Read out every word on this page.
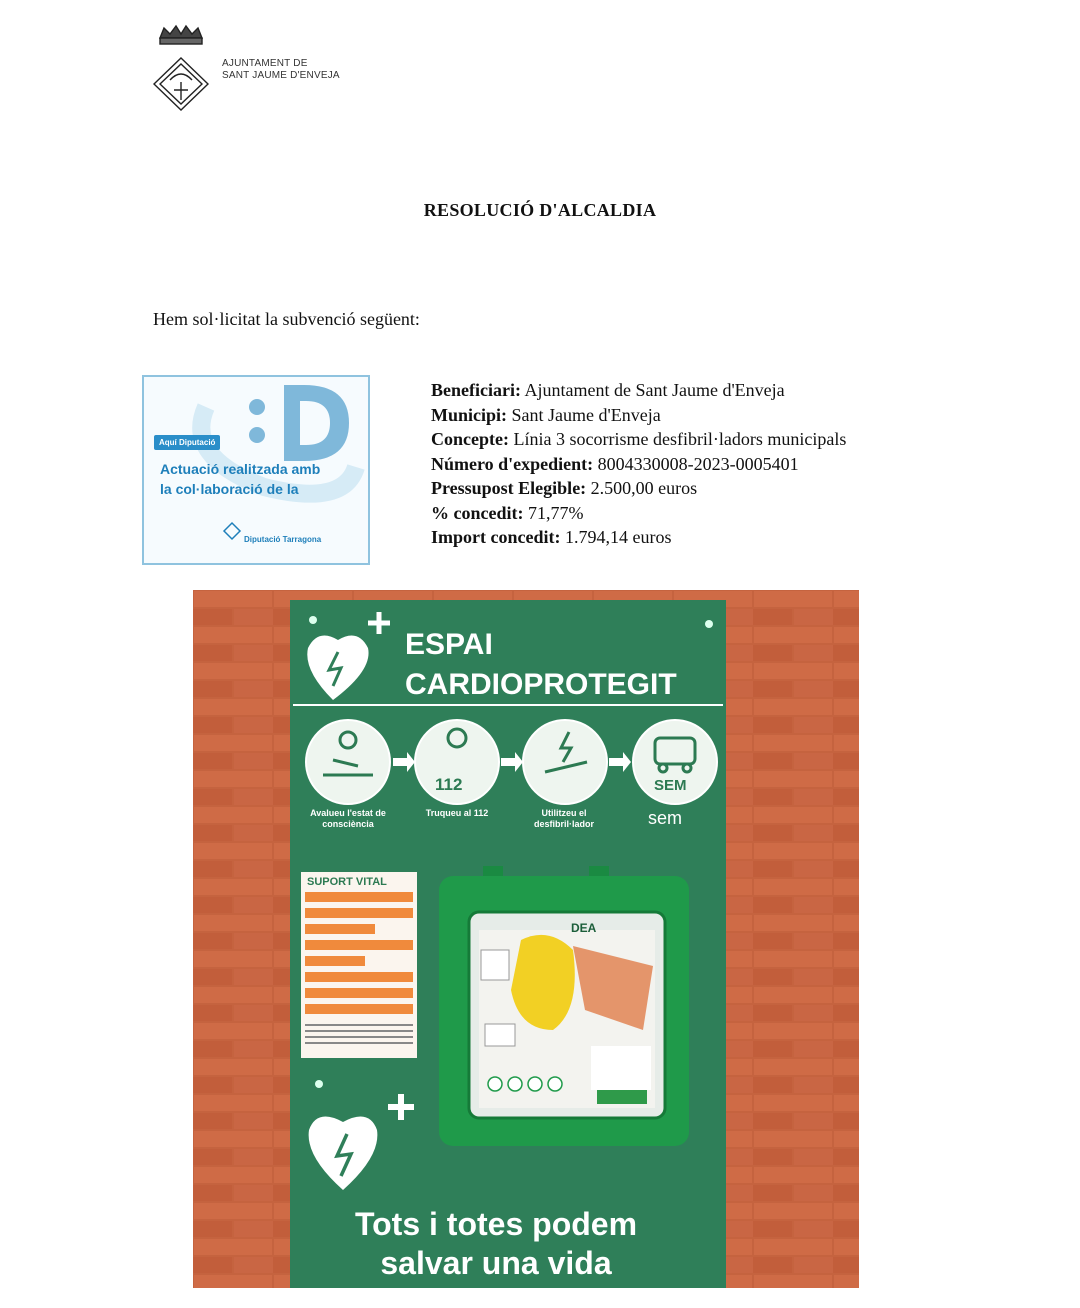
AJUNTAMENT DE
SANT JAUME D'ENVEJA
RESOLUCIÓ D'ALCALDIA
Hem sol·licitat la subvenció següent:
Aquí Diputació
Actuació realitzada amb
la col·laboració de la
Diputació Tarragona
Beneficiari: Ajuntament de Sant Jaume d'Enveja
Municipi: Sant Jaume d'Enveja
Concepte: Línia 3 socorrisme desfibril·ladors municipals
Número d'expedient: 8004330008-2023-0005401
Pressupost Elegible: 2.500,00 euros
% concedit: 71,77%
Import concedit: 1.794,14 euros
ESPAI
CARDIOPROTEGIT
112	SEM
Avalueu l'estat de consciència
Truqueu al 112	Utilitzeu el desfibril·lador	sem
SUPORT VITAL
DEA
Tots i totes podem
salvar una vida
